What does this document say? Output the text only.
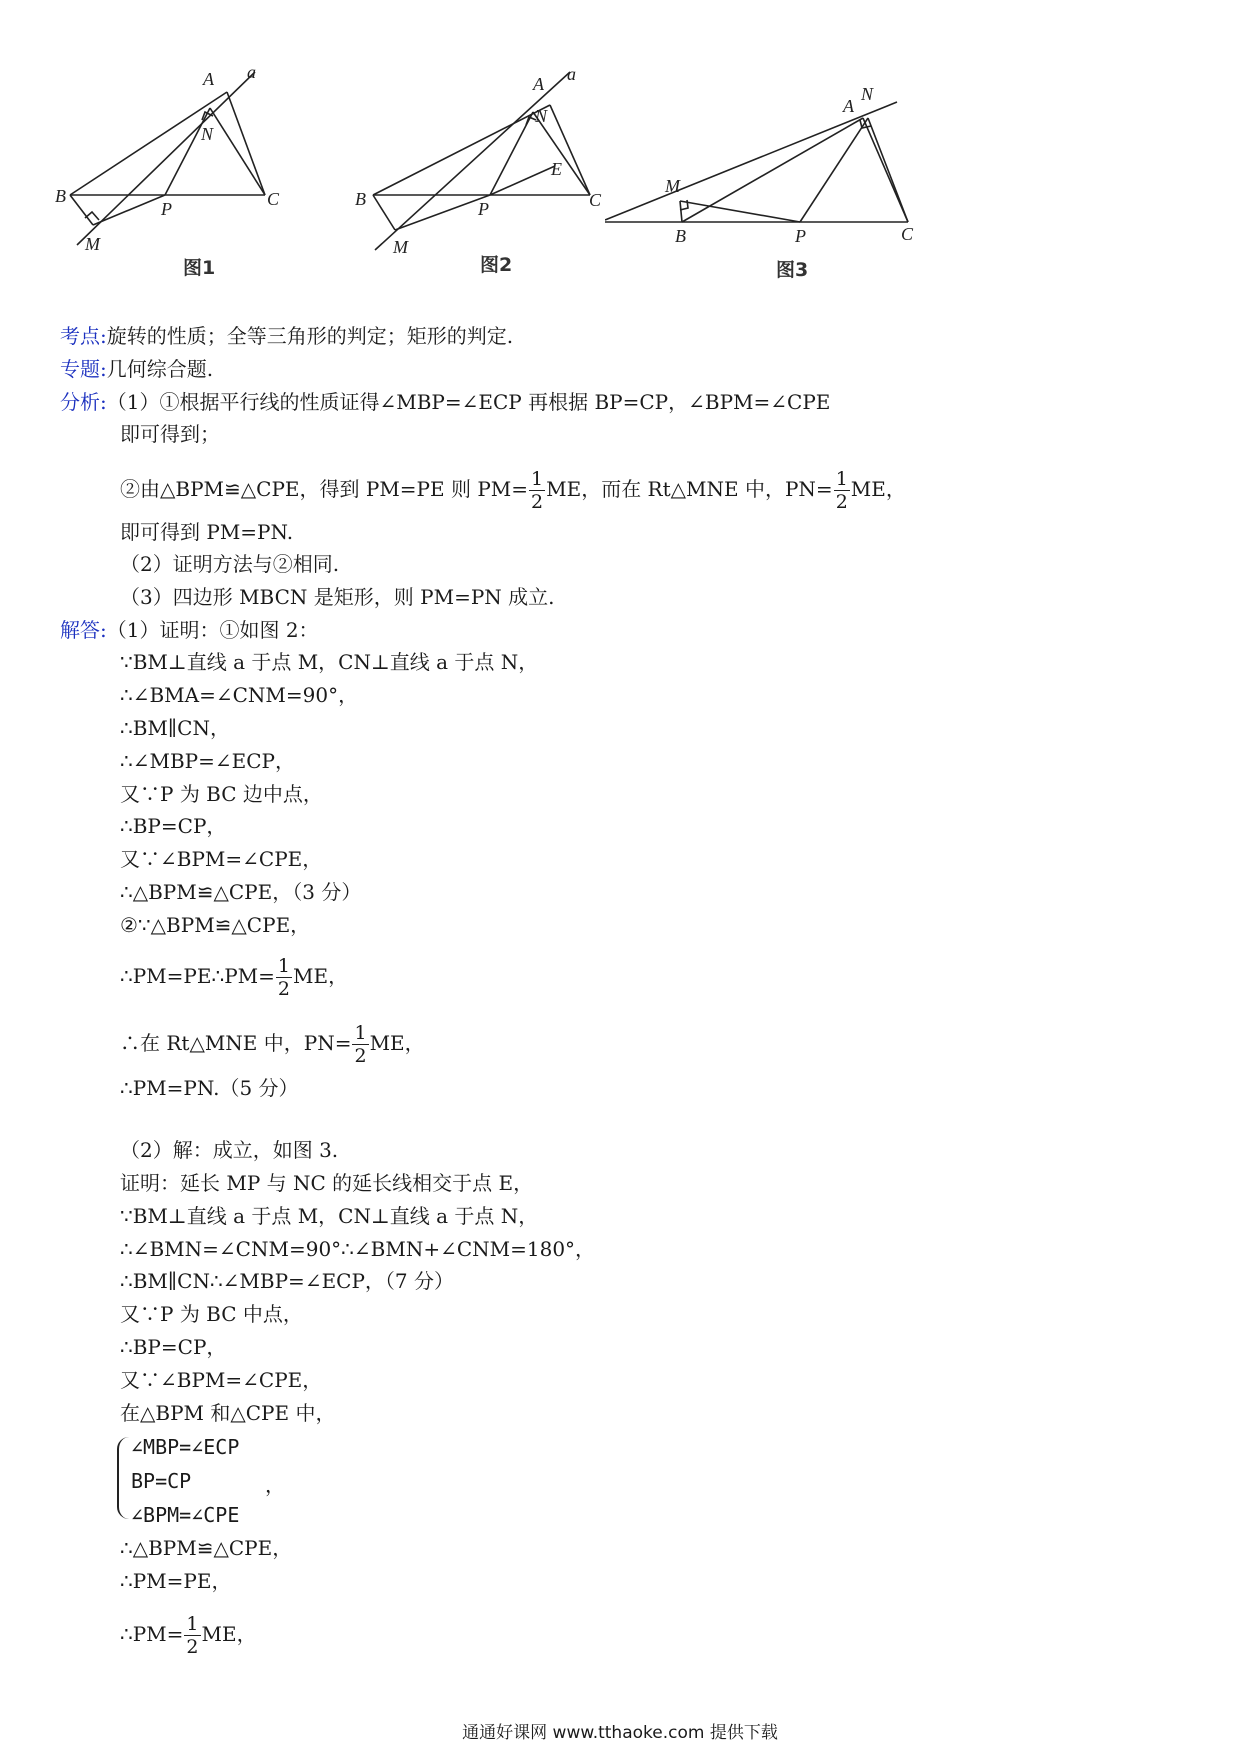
A a
B	C
P
M
N
图1
A a
B	C
P
M
N
E
图2
A
N
M
B	P	C
图3
考点:旋转的性质；全等三角形的判定；矩形的判定.
专题:几何综合题.
分析:（1）①根据平行线的性质证得∠MBP=∠ECP 再根据 BP=CP，∠BPM=∠CPE
即可得到；
②由△BPM≌△CPE，得到 PM=PE 则 $PM= \frac{1}{2}$ ME，而在 Rt△MNE 中，$PN= \frac{1}{2}$ ME，
即可得到 PM=PN.
（2）证明方法与②相同.
（3）四边形 MBCN 是矩形，则 PM=PN 成立.
解答:（1）证明：①如图 2：
∵BM⊥直线 a 于点 M，CN⊥直线 a 于点 N，
∴∠BMA=∠CNM=90°，
∴BM∥CN，
∴∠MBP=∠ECP，
又∵P 为 BC 边中点，
∴BP=CP，
又∵∠BPM=∠CPE，
∴△BPM≌△CPE，（3 分）
②∵△BPM≌△CPE，
∴PM=PE∴PM= $\frac{1}{2}$ ME，
∴在 Rt△MNE 中，$PN= \frac{1}{2}$ ME，
∴PM=PN.（5 分）
（2）解：成立，如图 3.
证明：延长 MP 与 NC 的延长线相交于点 E，
∵BM⊥直线 a 于点 M，CN⊥直线 a 于点 N，
∴∠BMN=∠CNM=90°∴∠BMN+∠CNM=180°，
∴BM∥CN∴∠MBP=∠ECP，（7 分）
又∵P 为 BC 中点，
∴BP=CP，
又∵∠BPM=∠CPE，
在△BPM 和△CPE 中，
∠MBP=∠ECP
BP=CP	，
∠BPM=∠CPE
∴△BPM≌△CPE，
∴PM=PE，
∴PM= $\frac{1}{2}$ ME，
通通好课网 www.tthaoke.com 提供下载
